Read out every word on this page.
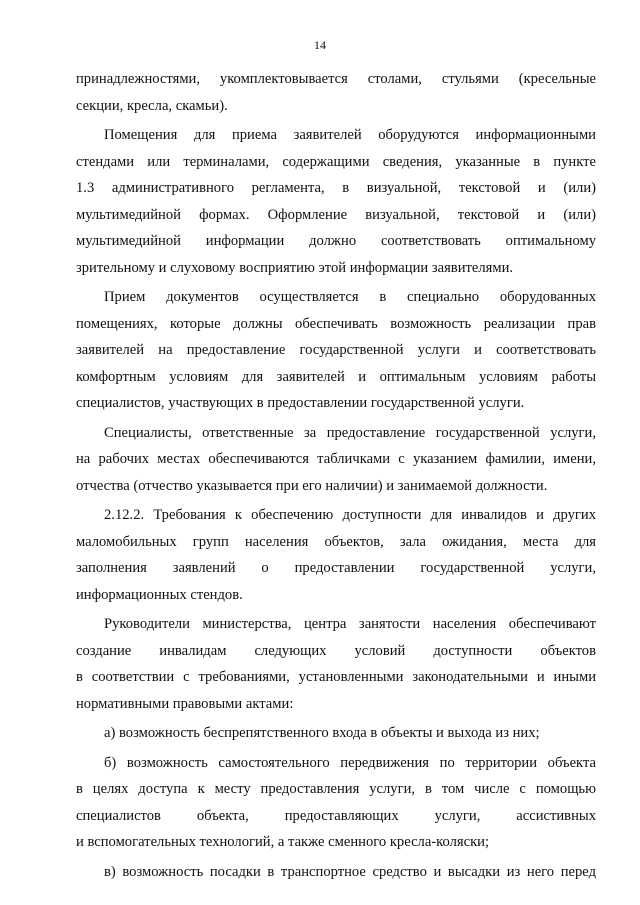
14
принадлежностями, укомплектовывается столами, стульями (кресельные
секции, кресла, скамьи).
Помещения для приема заявителей оборудуются информационными
стендами или терминалами, содержащими сведения, указанные в пункте
1.3 административного регламента, в визуальной, текстовой и (или)
мультимедийной формах. Оформление визуальной, текстовой и (или)
мультимедийной информации должно соответствовать оптимальному
зрительному и слуховому восприятию этой информации заявителями.
Прием документов осуществляется в специально оборудованных
помещениях, которые должны обеспечивать возможность реализации прав
заявителей на предоставление государственной услуги и соответствовать
комфортным условиям для заявителей и оптимальным условиям работы
специалистов, участвующих в предоставлении государственной услуги.
Специалисты, ответственные за предоставление государственной услуги,
на рабочих местах обеспечиваются табличками с указанием фамилии, имени,
отчества (отчество указывается при его наличии) и занимаемой должности.
2.12.2. Требования к обеспечению доступности для инвалидов и других
маломобильных групп населения объектов, зала ожидания, места для
заполнения заявлений о предоставлении государственной услуги,
информационных стендов.
Руководители министерства, центра занятости населения обеспечивают
создание инвалидам следующих условий доступности объектов
в соответствии с требованиями, установленными законодательными и иными
нормативными правовыми актами:
а) возможность беспрепятственного входа в объекты и выхода из них;
б) возможность самостоятельного передвижения по территории объекта
в целях доступа к месту предоставления услуги, в том числе с помощью
специалистов объекта, предоставляющих услуги, ассистивных
и вспомогательных технологий, а также сменного кресла-коляски;
в) возможность посадки в транспортное средство и высадки из него перед
